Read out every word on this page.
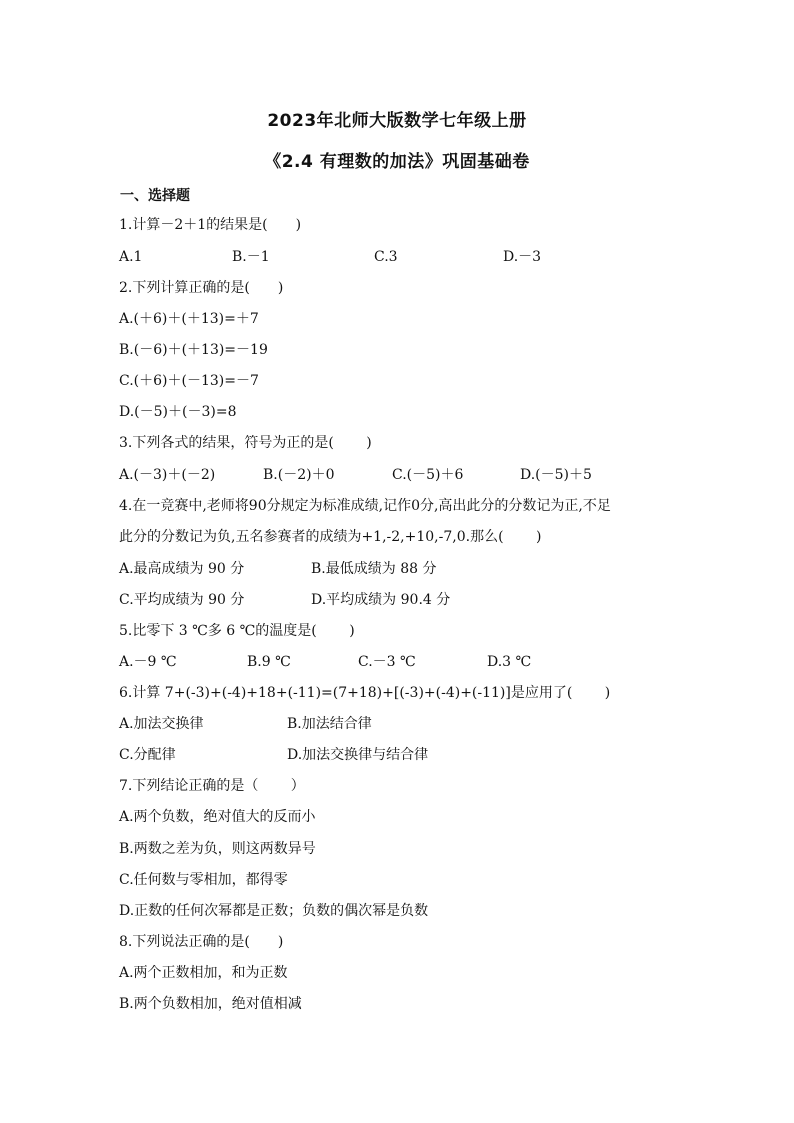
2023年北师大版数学七年级上册
《2.4 有理数的加法》巩固基础卷
一、选择题
1.计算－2＋1的结果是(　　)
A.1	B.－1	C.3	D.－3
2.下列计算正确的是(　　)
A.(＋6)＋(＋13)=＋7
B.(－6)＋(＋13)=－19
C.(＋6)＋(－13)=－7
D.(－5)＋(－3)=8
3.下列各式的结果，符号为正的是(　　 )
A.(－3)＋(－2)	B.(－2)＋0	C.(－5)＋6	D.(－5)＋5
4.在一竞赛中,老师将90分规定为标准成绩,记作0分,高出此分的分数记为正,不足
此分的分数记为负,五名参赛者的成绩为+1,-2,+10,-7,0.那么(　　 )
A.最高成绩为 90 分	B.最低成绩为 88 分
C.平均成绩为 90 分	D.平均成绩为 90.4 分
5.比零下 3 ℃多 6 ℃的温度是(　　 )
A.－9 ℃	B.9 ℃	C.－3 ℃	D.3 ℃
6.计算 7+(-3)+(-4)+18+(-11)=(7+18)+[(-3)+(-4)+(-11)]是应用了(　　 )
A.加法交换律	B.加法结合律
C.分配律	D.加法交换律与结合律
7.下列结论正确的是（　　 ）
A.两个负数，绝对值大的反而小
B.两数之差为负，则这两数异号
C.任何数与零相加，都得零
D.正数的任何次幂都是正数；负数的偶次幂是负数
8.下列说法正确的是(　　)
A.两个正数相加，和为正数
B.两个负数相加，绝对值相减
